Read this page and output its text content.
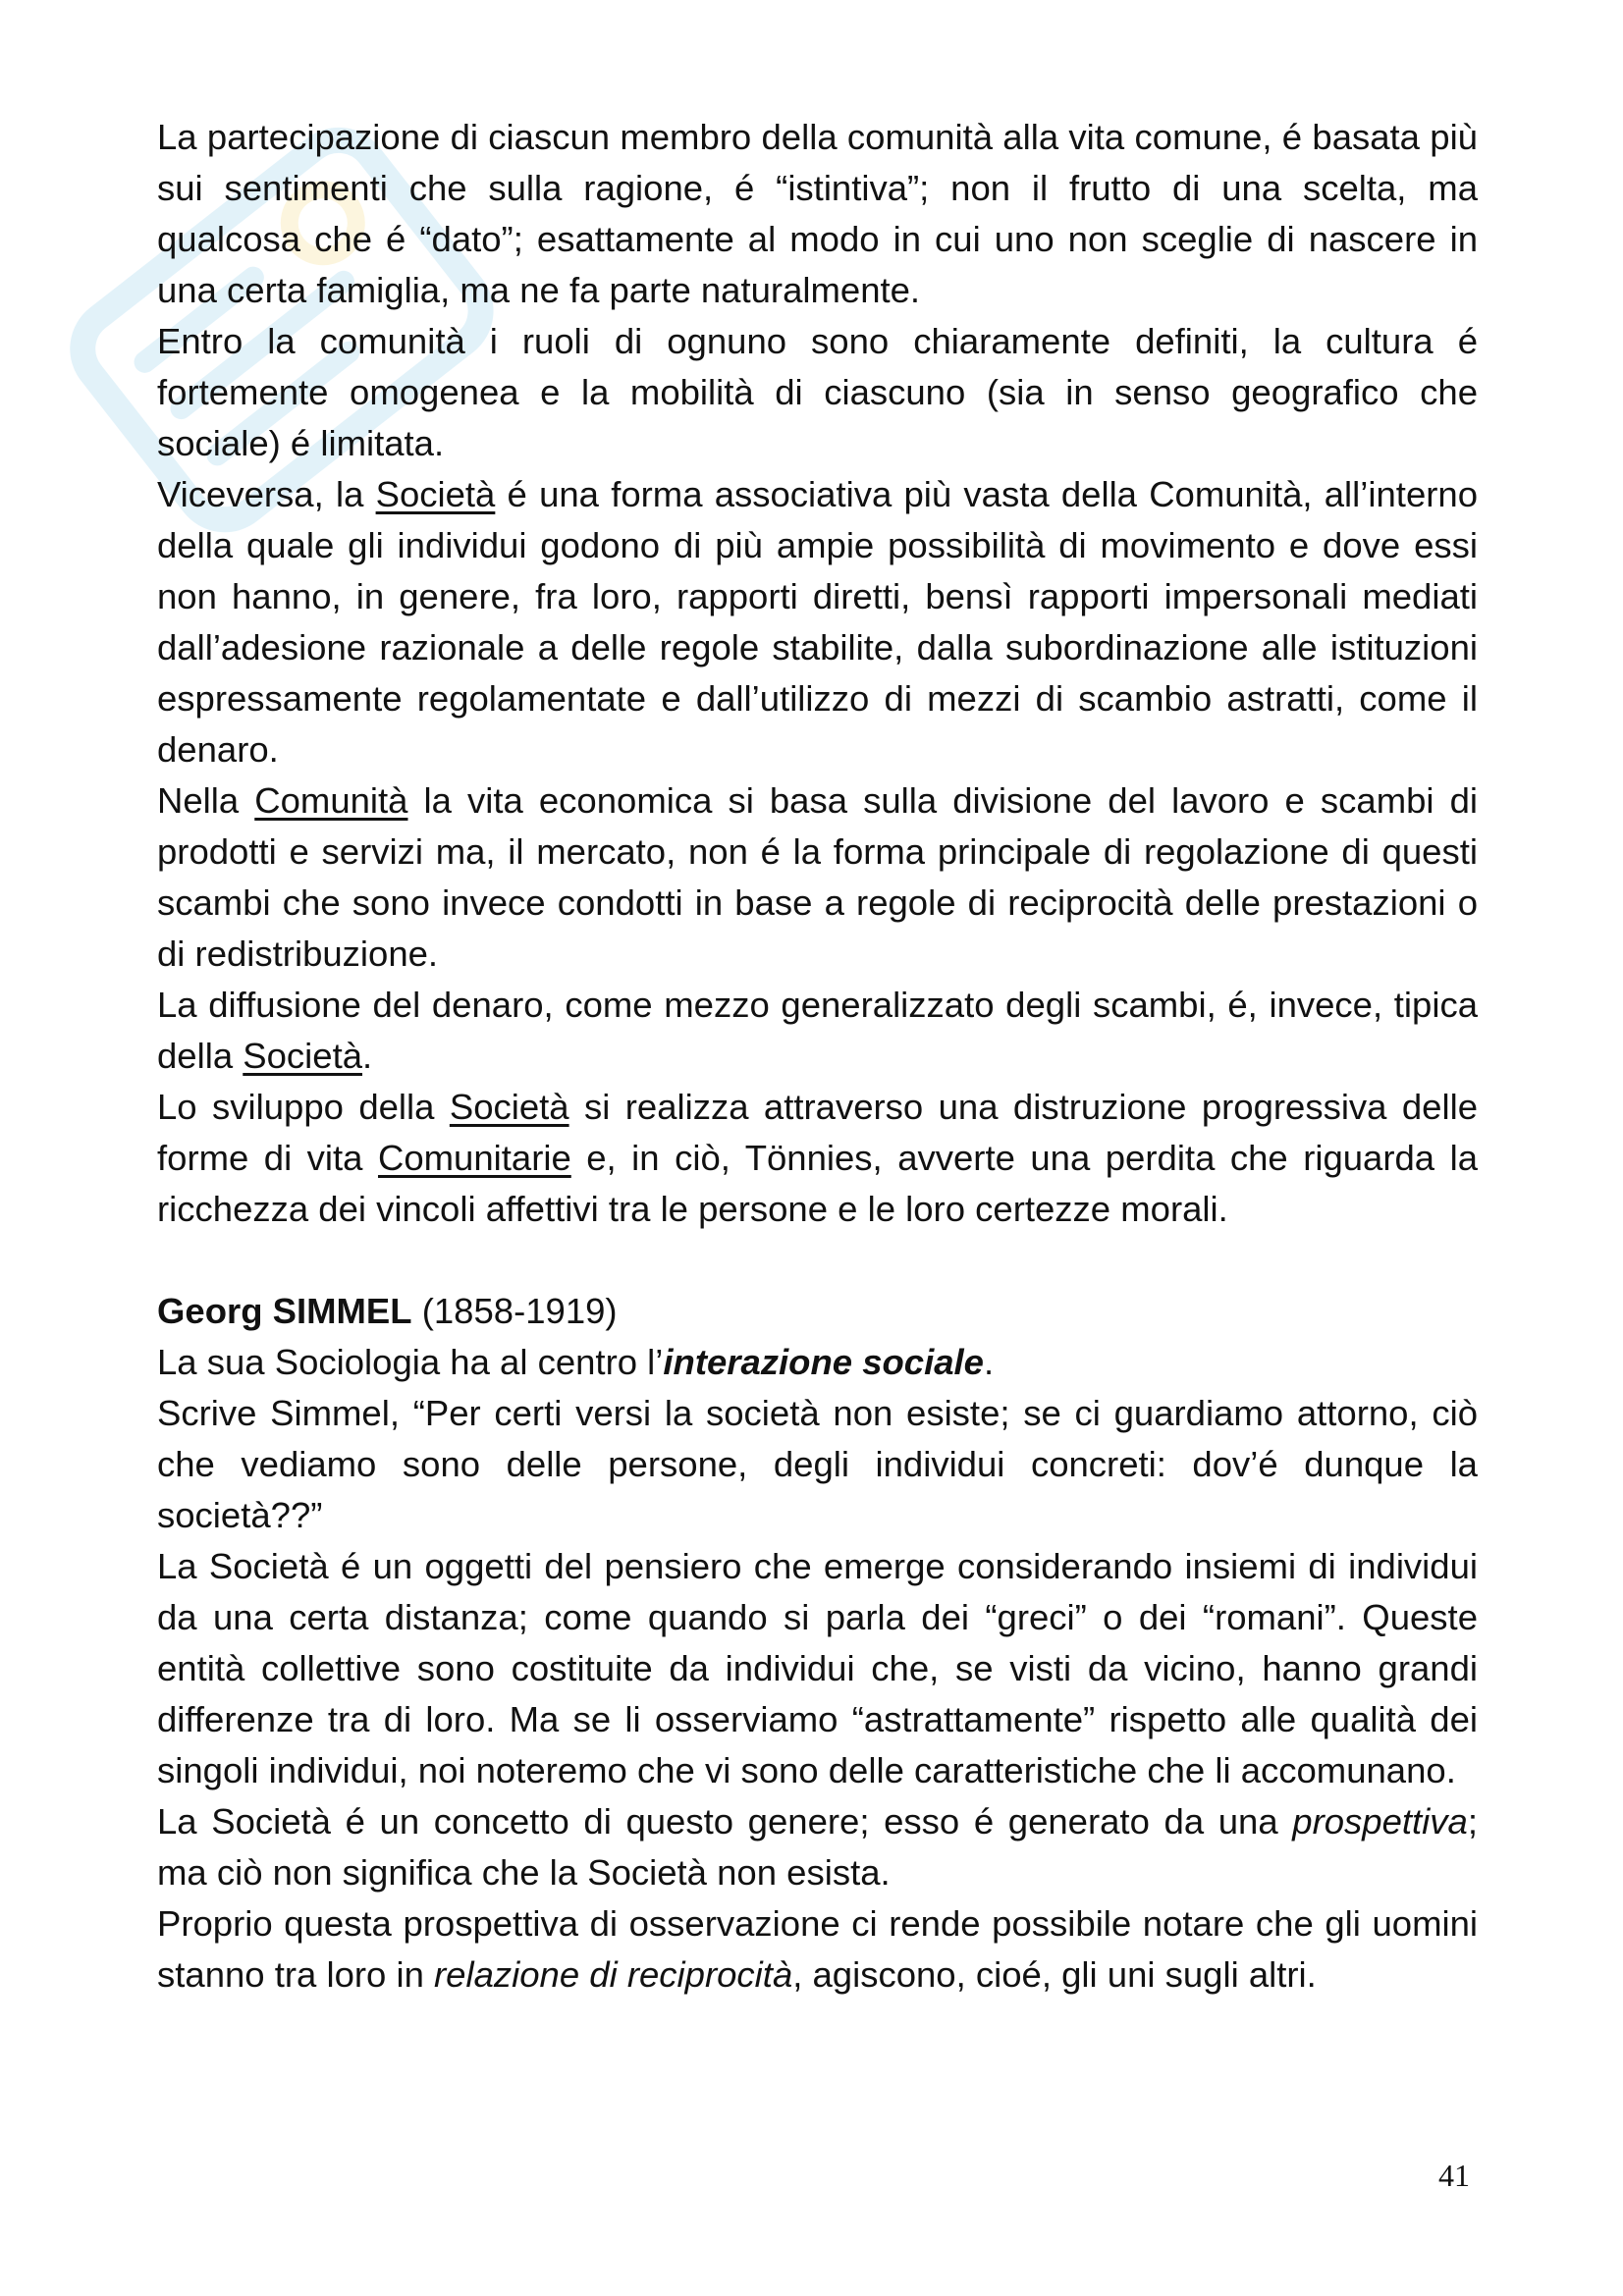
La partecipazione di ciascun membro della comunità alla vita comune, é basata più sui sentimenti che sulla ragione, é “istintiva”; non il frutto di una scelta, ma qualcosa che é “dato”; esattamente al modo in cui uno non sceglie di nascere in una certa famiglia, ma ne fa parte naturalmente.

Entro la comunità i ruoli di ognuno sono chiaramente definiti, la cultura é fortemente omogenea e la mobilità di ciascuno (sia in senso geografico che sociale) é limitata.

Viceversa, la Società é una forma associativa più vasta della Comunità, all’interno della quale gli individui godono di più ampie possibilità di movimento e dove essi non hanno, in genere, fra loro, rapporti diretti, bensì rapporti impersonali mediati dall’adesione razionale a delle regole stabilite, dalla subordinazione alle istituzioni espressamente regolamentate e dall’utilizzo di mezzi di scambio astratti, come il denaro.

Nella Comunità la vita economica si basa sulla divisione del lavoro e scambi di prodotti e servizi ma, il mercato, non é la forma principale di regolazione di questi scambi che sono invece condotti in base a regole di reciprocità delle prestazioni o di redistribuzione.

La diffusione del denaro, come mezzo generalizzato degli scambi, é, invece, tipica della Società.

Lo sviluppo della Società si realizza attraverso una distruzione progressiva delle forme di vita Comunitarie e, in ciò, Tönnies, avverte una perdita che riguarda la ricchezza dei vincoli affettivi tra le persone e le loro certezze morali.

Georg SIMMEL (1858-1919)

La sua Sociologia ha al centro l’interazione sociale.

Scrive Simmel, “Per certi versi la società non esiste; se ci guardiamo attorno, ciò che vediamo sono delle persone, degli individui concreti: dov’é dunque la società??”

La Società é un oggetti del pensiero che emerge considerando insiemi di individui da una certa distanza; come quando si parla dei “greci” o dei “romani”. Queste entità collettive sono costituite da individui che, se visti da vicino, hanno grandi differenze tra di loro. Ma se li osserviamo “astrattamente” rispetto alle qualità dei singoli individui, noi noteremo che vi sono delle caratteristiche che li accomunano.

La Società é un concetto di questo genere; esso é generato da una prospettiva; ma ciò non significa che la Società non esista.

Proprio questa prospettiva di osservazione ci rende possibile notare che gli uomini stanno tra loro in relazione di reciprocità, agiscono, cioé, gli uni sugli altri.

41
